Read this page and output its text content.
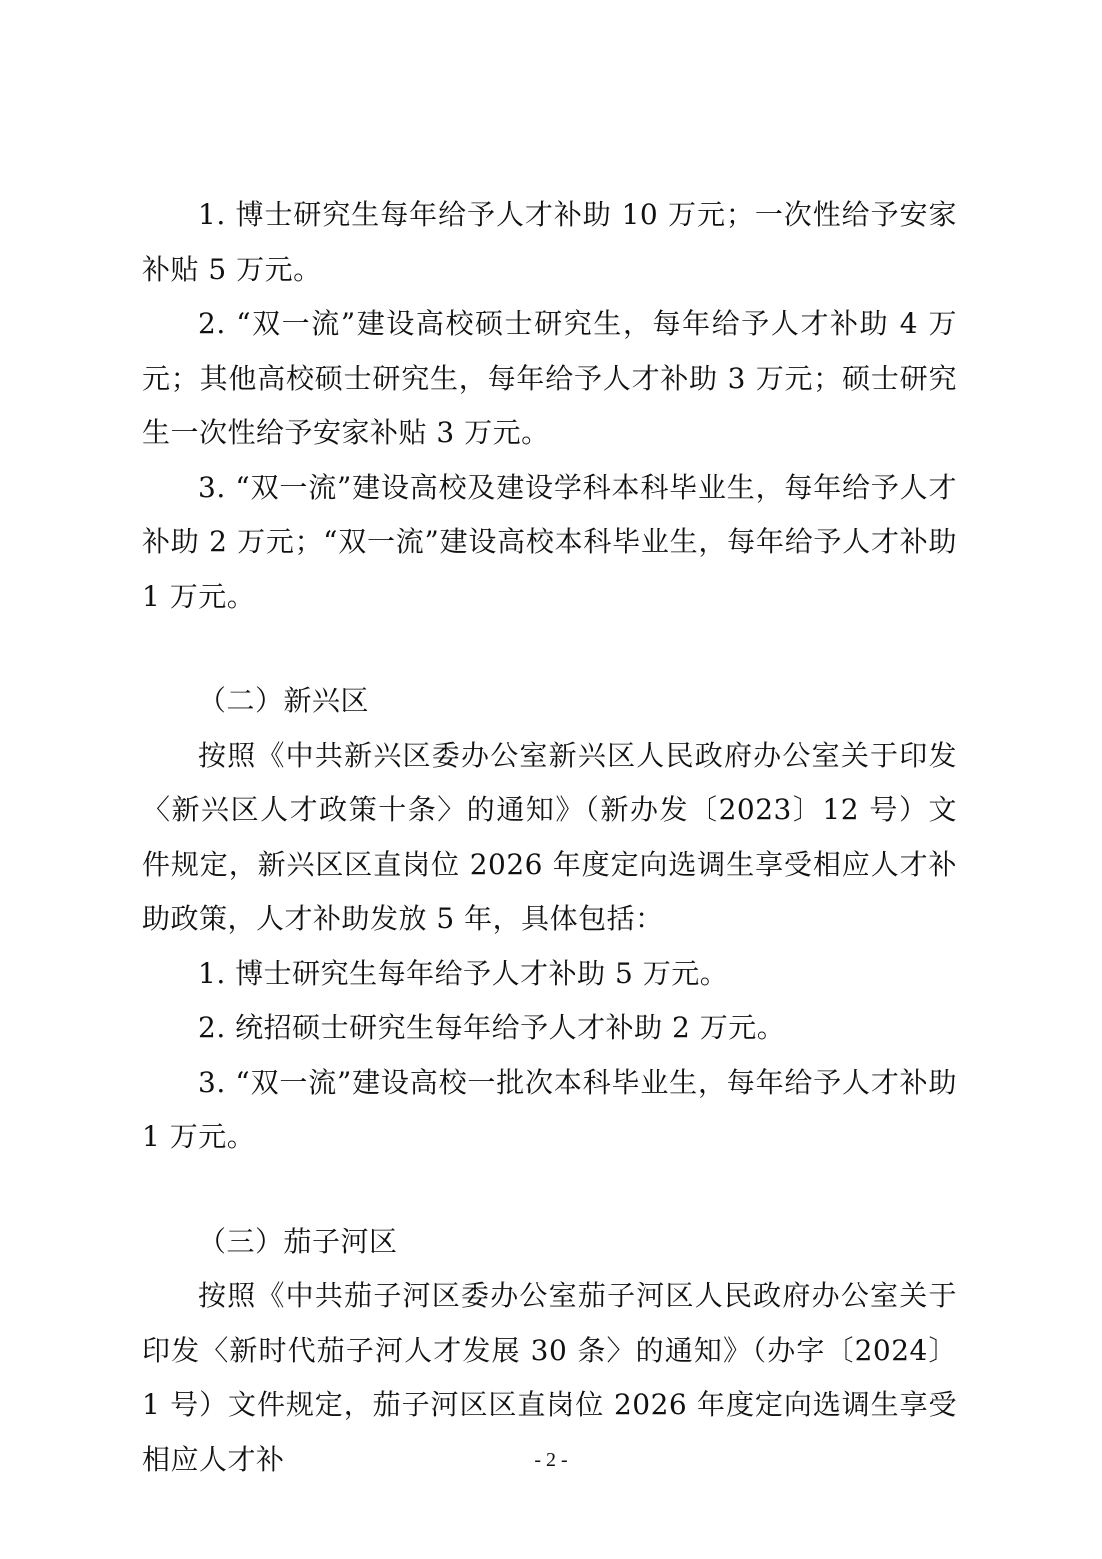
1. 博士研究生每年给予人才补助 10 万元；一次性给予安家补贴 5 万元。

2. “双一流”建设高校硕士研究生，每年给予人才补助 4 万元；其他高校硕士研究生，每年给予人才补助 3 万元；硕士研究生一次性给予安家补贴 3 万元。

3. “双一流”建设高校及建设学科本科毕业生，每年给予人才补助 2 万元；“双一流”建设高校本科毕业生，每年给予人才补助 1 万元。

（二）新兴区

按照《中共新兴区委办公室新兴区人民政府办公室关于印发〈新兴区人才政策十条〉的通知》（新办发〔2023〕12 号）文件规定，新兴区区直岗位 2026 年度定向选调生享受相应人才补助政策，人才补助发放 5 年，具体包括：

1. 博士研究生每年给予人才补助 5 万元。

2. 统招硕士研究生每年给予人才补助 2 万元。

3. “双一流”建设高校一批次本科毕业生，每年给予人才补助 1 万元。

（三）茄子河区

按照《中共茄子河区委办公室茄子河区人民政府办公室关于印发〈新时代茄子河人才发展 30 条〉的通知》（办字〔2024〕1 号）文件规定，茄子河区区直岗位 2026 年度定向选调生享受相应人才补	- 2 -
